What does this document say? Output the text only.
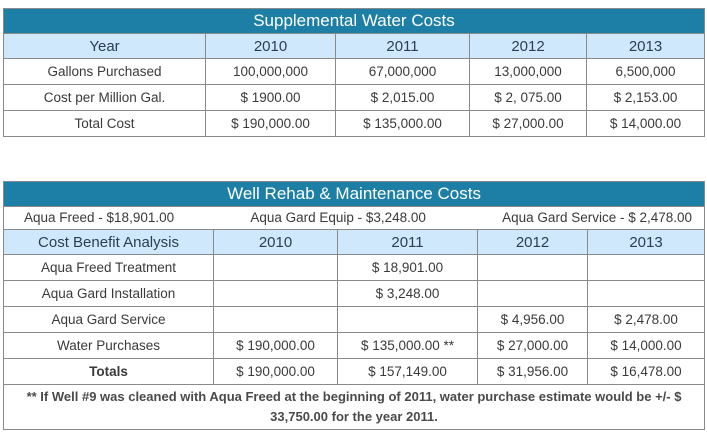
Supplemental Water Costs				
Year	2010	2011	2012	2013
Gallons Purchased	100,000,000	67,000,000	13,000,000	6,500,000
Cost per Million Gal.	$ 1900.00	$ 2,015.00	$ 2, 075.00	$ 2,153.00
Total Cost	$ 190,000.00	$ 135,000.00	$ 27,000.00	$ 14,000.00
Well Rehab & Maintenance Costs				

Aqua Freed - $18,901.00 Aqua Gard Equip - $3,248.00 Aqua Gard Service - $ 2,478.00				

Cost Benefit Analysis	2010	2011	2012	2013
Aqua Freed Treatment		$ 18,901.00		
Aqua Gard Installation		$ 3,248.00		
Aqua Gard Service			$ 4,956.00	$ 2,478.00
Water Purchases	$ 190,000.00	$ 135,000.00 **	$ 27,000.00	$ 14,000.00
Totals	$ 190,000.00	$ 157,149.00	$ 31,956.00	$ 16,478.00
** If Well #9 was cleaned with Aqua Freed at the beginning of 2011, water purchase estimate would be +/- $ 33,750.00 for the year 2011.				
